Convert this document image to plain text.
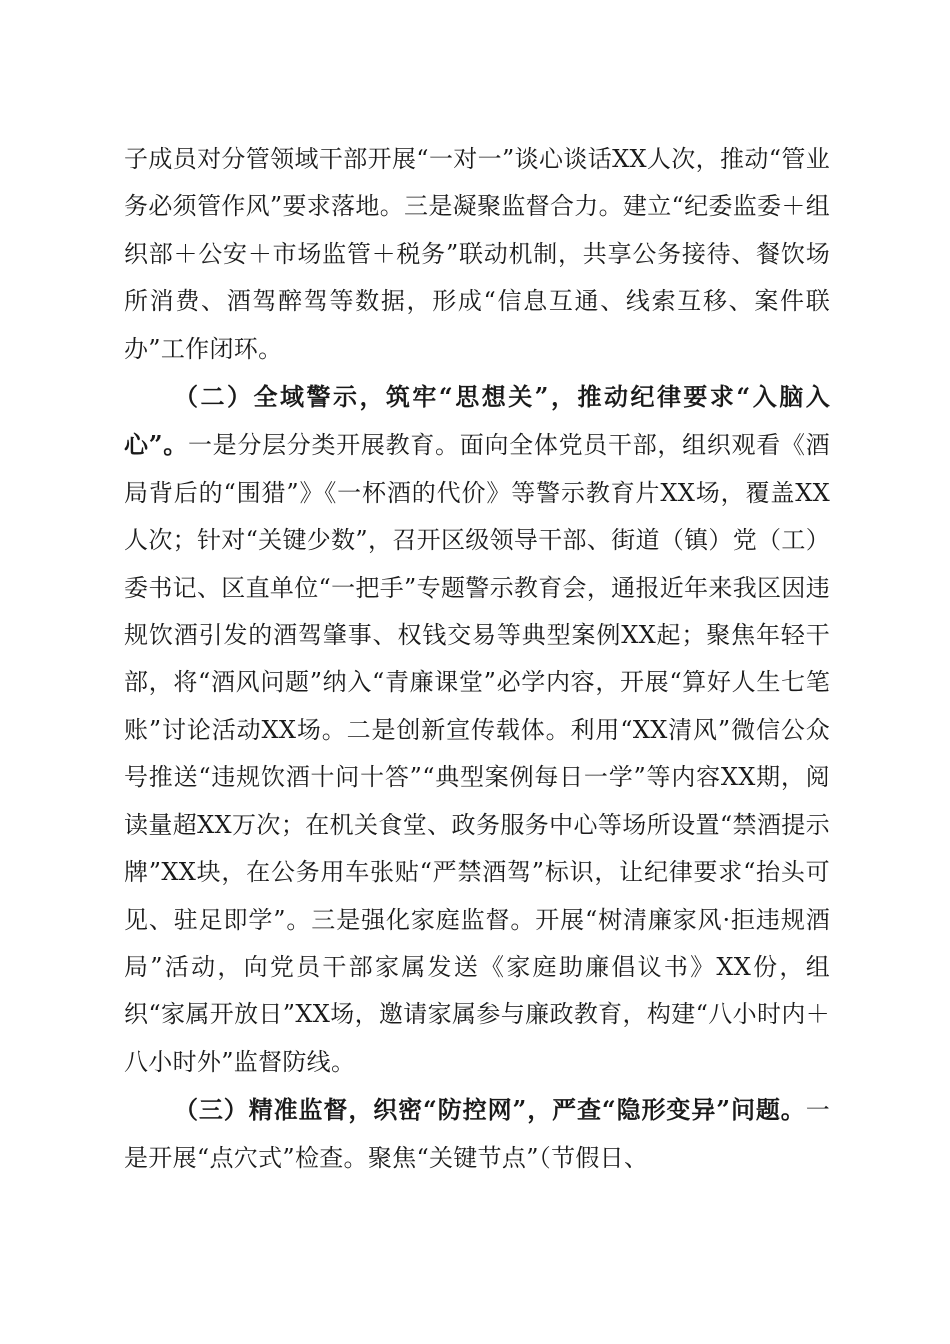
子成员对分管领域干部开展“一对一”谈心谈话XX人次，推动“管业务必须管作风”要求落地。三是凝聚监督合力。建立“纪委监委＋组织部＋公安＋市场监管＋税务”联动机制，共享公务接待、餐饮场所消费、酒驾醉驾等数据，形成“信息互通、线索互移、案件联办”工作闭环。

（二）全域警示，筑牢“思想关”，推动纪律要求“入脑入心”。一是分层分类开展教育。面向全体党员干部，组织观看《酒局背后的“围猎”》《一杯酒的代价》等警示教育片XX场，覆盖XX人次；针对“关键少数”，召开区级领导干部、街道（镇）党（工）委书记、区直单位“一把手”专题警示教育会，通报近年来我区因违规饮酒引发的酒驾肇事、权钱交易等典型案例XX起；聚焦年轻干部，将“酒风问题”纳入“青廉课堂”必学内容，开展“算好人生七笔账”讨论活动XX场。二是创新宣传载体。利用“XX清风”微信公众号推送“违规饮酒十问十答”“典型案例每日一学”等内容XX期，阅读量超XX万次；在机关食堂、政务服务中心等场所设置“禁酒提示牌”XX块，在公务用车张贴“严禁酒驾”标识，让纪律要求“抬头可见、驻足即学”。三是强化家庭监督。开展“树清廉家风·拒违规酒局”活动，向党员干部家属发送《家庭助廉倡议书》XX份，组织“家属开放日”XX场，邀请家属参与廉政教育，构建“八小时内＋八小时外”监督防线。

（三）精准监督，织密“防控网”，严查“隐形变异”问题。一是开展“点穴式”检查。聚焦“关键节点”（节假日、
